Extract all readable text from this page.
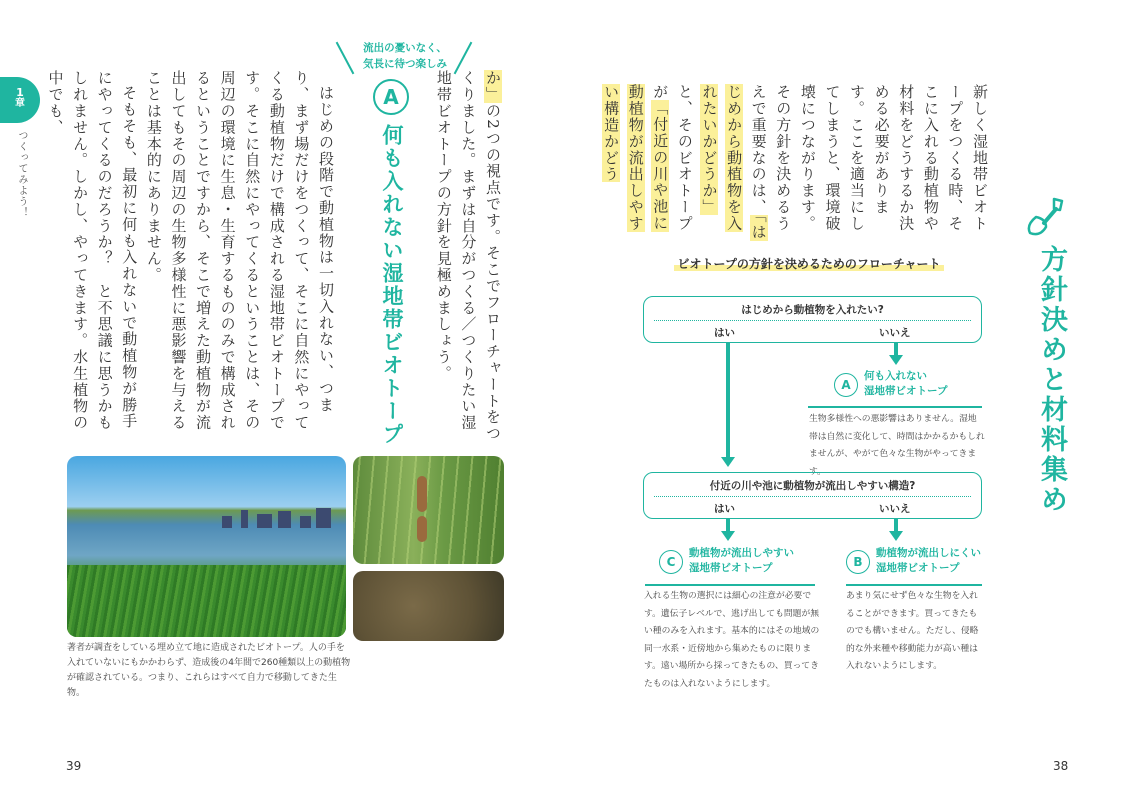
1
章
つくってみよう！
流出の憂いなく、
気長に待つ楽しみ
A
何も入れない湿地帯ビオトープ
か」の2つの視点です。そこでフローチャートをつくりました。まずは自分がつくる／つくりたい湿地帯ビオトープの方針を見極めましょう。

はじめの段階で動植物は一切入れない、つまり、まず場だけをつくって、そこに自然にやってくる動植物だけで構成される湿地帯ビオトープです。そこに自然にやってくるということは、その周辺の環境に生息・生育するもののみで構成されるということですから、そこで増えた動植物が流出してもその周辺の生物多様性に悪影響を与えることは基本的にありません。

そもそも、最初に何も入れないで動植物が勝手にやってくるのだろうか？　と不思議に思うかもしれません。しかし、やってきます。水生植物の中でも、

著者が調査をしている埋め立て地に造成されたビオトープ。人の手を入れていないにもかかわらず、造成後の4年間で260種類以上の動植物が確認されている。つまり、これらはすべて自力で移動してきた生物。
39
新しく湿地帯ビオトープをつくる時、そこに入れる動植物や材料をどうするか決める必要があります。ここを適当にしてしまうと、環境破壊につながります。その方針を決めるうえで重要なのは、「はじめから動植物を入れたいかどうか」と、そのビオトープが「付近の川や池に動植物が流出しやすい構造かどう
方針決めと材料集め
ビオトープの方針を決めるためのフローチャート
はじめから動植物を入れたい?
はい	いいえ
A
何も入れない
湿地帯ビオトープ
生物多様性への悪影響はありません。湿地帯は自然に変化して、時間はかかるかもしれませんが、やがて色々な生物がやってきます。
付近の川や池に動植物が流出しやすい構造?
はい	いいえ
C
動植物が流出しやすい
湿地帯ビオトープ
入れる生物の選択には細心の注意が必要です。遺伝子レベルで、逃げ出しても問題が無い種のみを入れます。基本的にはその地域の同一水系・近傍地から集めたものに限ります。遠い場所から採ってきたもの、買ってきたものは入れないようにします。
B
動植物が流出しにくい
湿地帯ビオトープ
あまり気にせず色々な生物を入れることができます。買ってきたものでも構いません。ただし、侵略的な外来種や移動能力が高い種は入れないようにします。
38
